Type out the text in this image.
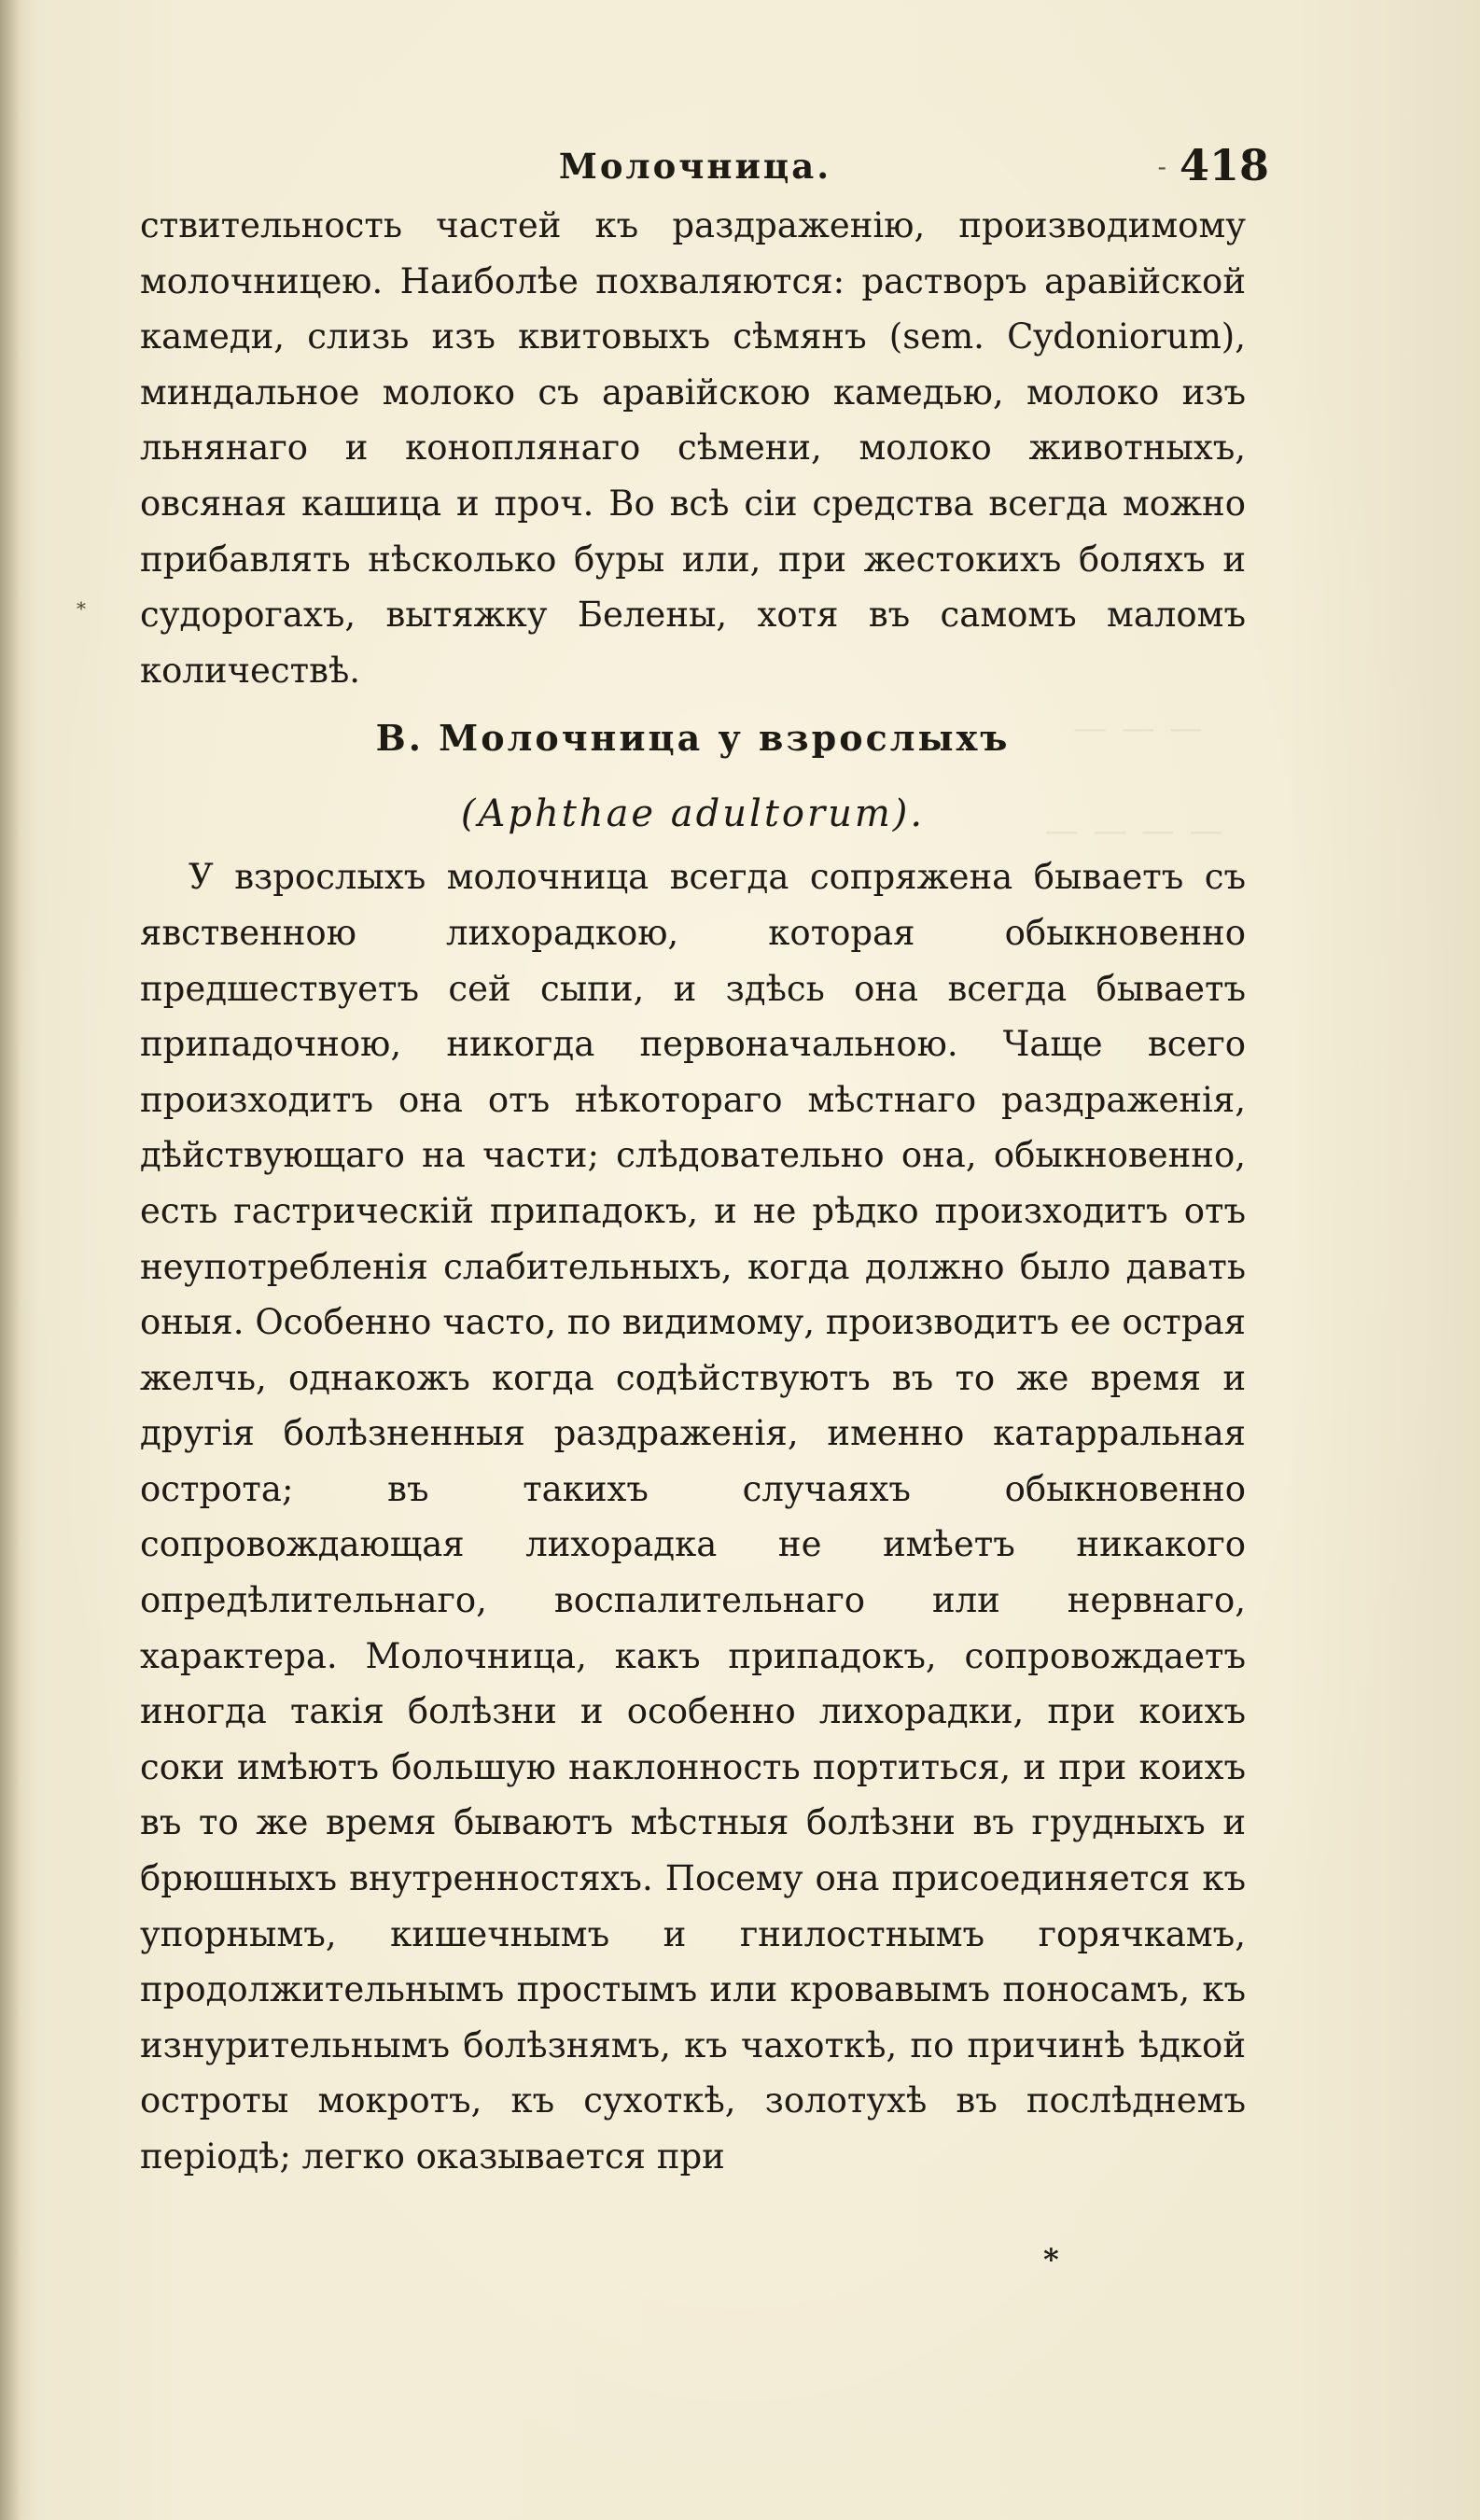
— — —
— — — —
Молочница.	- 418
*

ствительность частей къ раздраженію, производимому молочницею. Наиболѣе похваляются: растворъ аравійской камеди, слизь изъ квитовыхъ сѣмянъ (sem. Cydoniorum), миндальное молоко съ аравійскою камедью, молоко изъ льнянаго и коноплянаго сѣмени, молоко животныхъ, овсяная кашица и проч. Во всѣ сіи средства всегда можно прибавлять нѣсколько буры или, при жестокихъ боляхъ и судорогахъ, вытяжку Белены, хотя въ самомъ маломъ количествѣ.

B. Молочница у взрослыхъ

(Aphthae adultorum).

У взрослыхъ молочница всегда сопряжена бываетъ съ явственною лихорадкою, которая обыкновенно предшествуетъ сей сыпи, и здѣсь она всегда бываетъ припадочною, никогда первоначальною. Чаще всего произходитъ она отъ нѣкотораго мѣстнаго раздраженія, дѣйствующаго на части; слѣдовательно она, обыкновенно, есть гастрическій припадокъ, и не рѣдко произходитъ отъ неупотребленія слабительныхъ, когда должно было давать оныя. Особенно часто, по видимому, производитъ ее острая желчь, однакожъ когда содѣйствуютъ въ то же время и другія болѣзненныя раздраженія, именно катарральная острота; въ такихъ случаяхъ обыкновенно сопровождающая лихорадка не имѣетъ никакого опредѣлительнаго, воспалительнаго или нервнаго, характера. Молочница, какъ припадокъ, сопровождаетъ иногда такія болѣзни и особенно лихорадки, при коихъ соки имѣютъ большую наклонность портиться, и при коихъ въ то же время бываютъ мѣстныя болѣзни въ грудныхъ и брюшныхъ внутренностяхъ. Посему она присоединяется къ упорнымъ, кишечнымъ и гнилостнымъ горячкамъ, продолжительнымъ простымъ или кровавымъ поносамъ, къ изнурительнымъ болѣзнямъ, къ чахоткѣ, по причинѣ ѣдкой остроты мокротъ, къ сухоткѣ, золотухѣ въ послѣднемъ періодѣ; легко оказывается при

*
